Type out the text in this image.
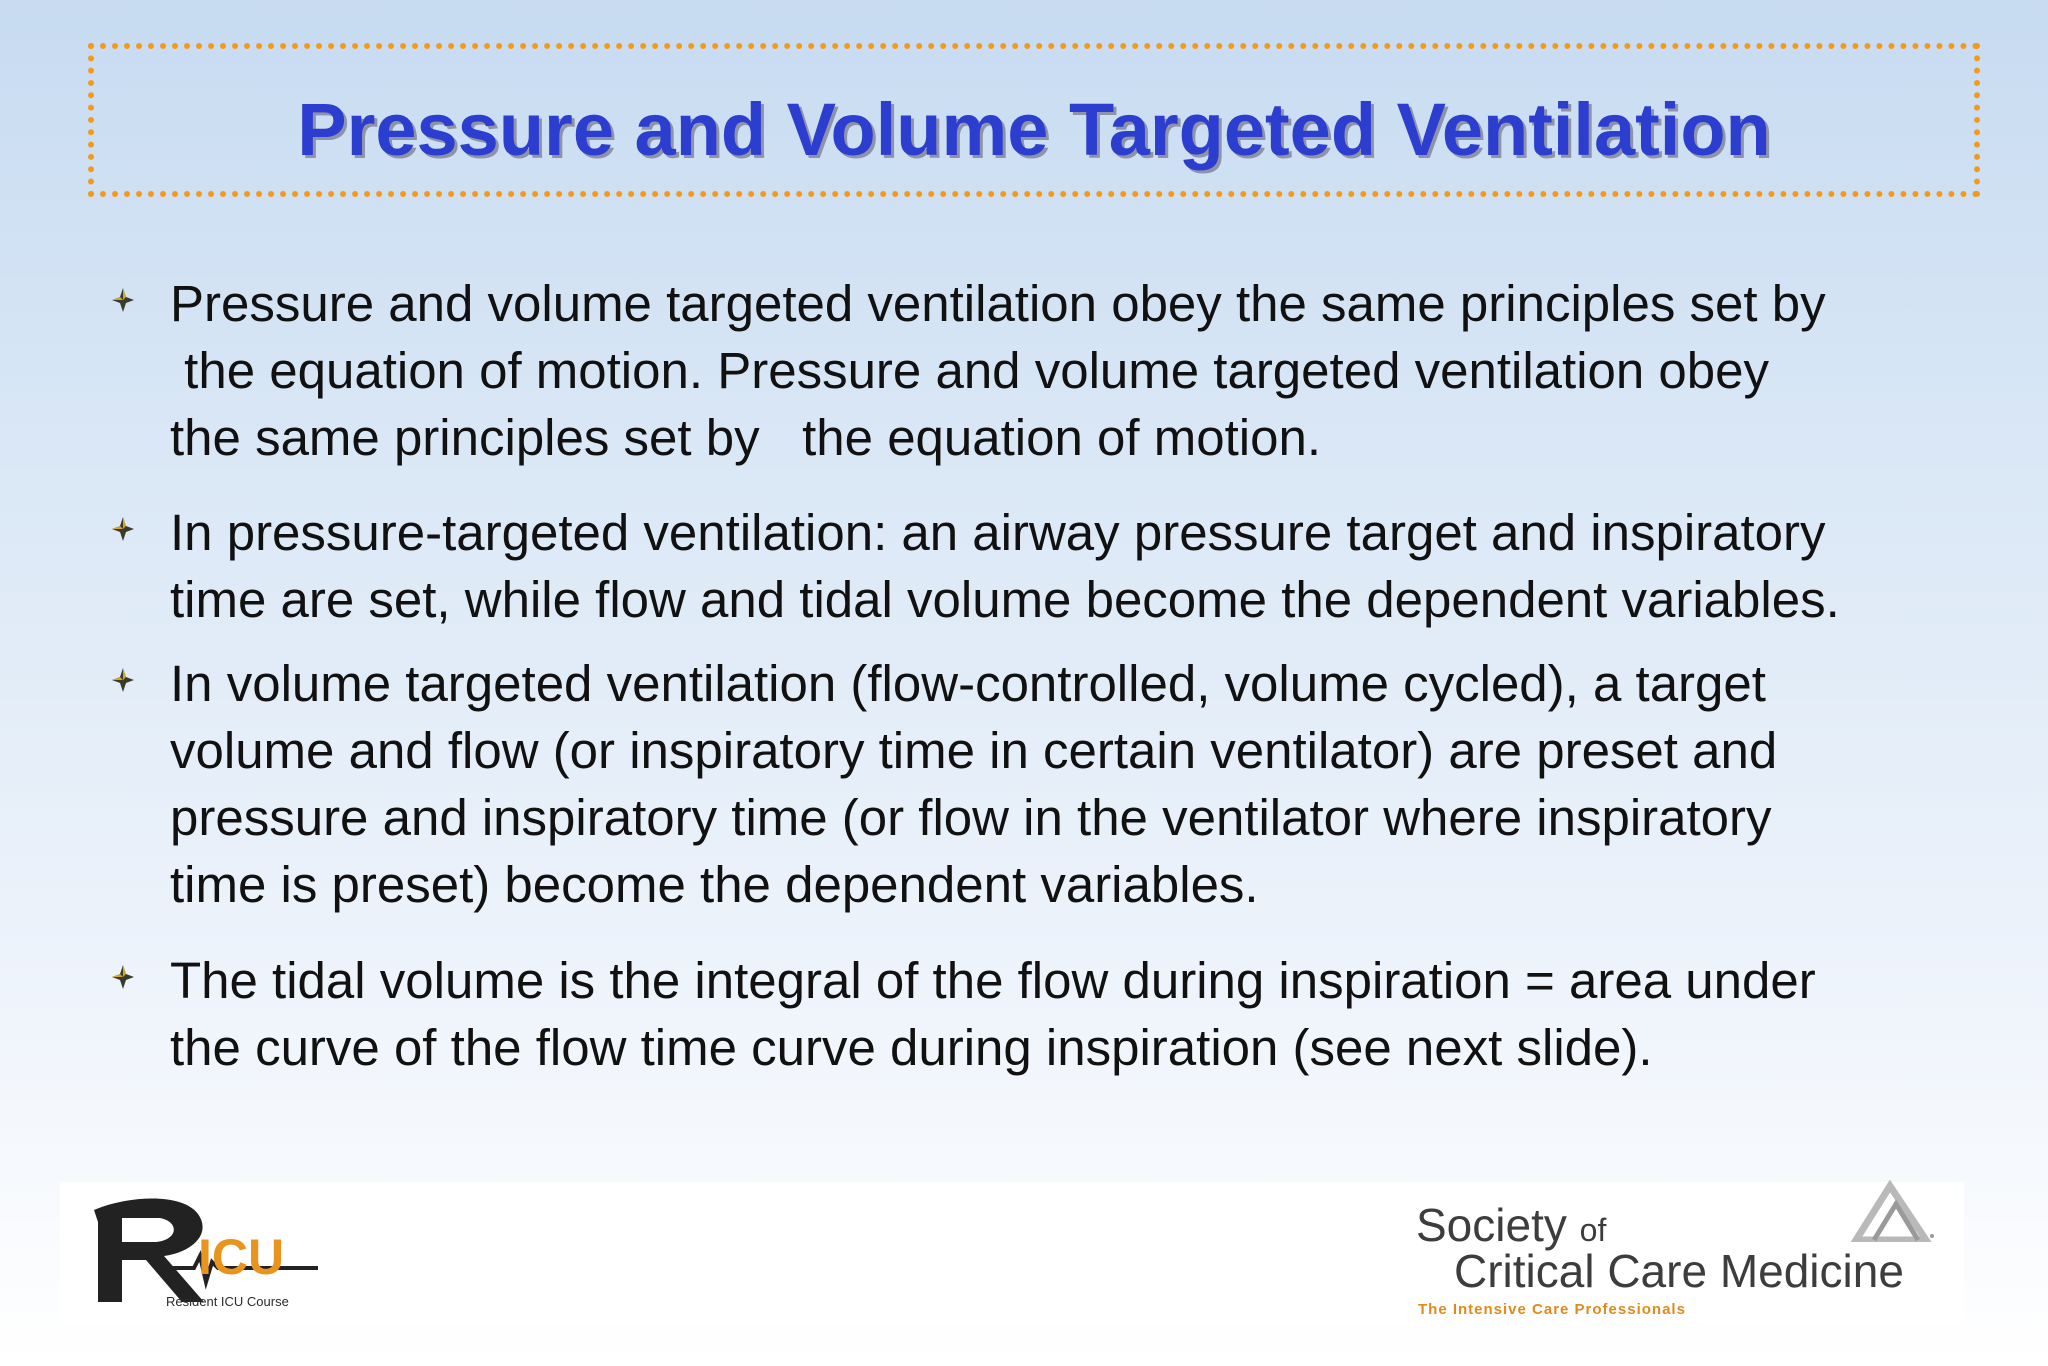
Pressure and Volume Targeted Ventilation
Pressure and volume targeted ventilation obey the same principles set by
the equation of motion. Pressure and volume targeted ventilation obey
the same principles set by   the equation of motion.
In pressure-targeted ventilation: an airway pressure target and inspiratory
time are set, while flow and tidal volume become the dependent variables.
In volume targeted ventilation (flow-controlled, volume cycled), a target
volume and flow (or inspiratory time in certain ventilator) are preset and
pressure and inspiratory time (or flow in the ventilator where inspiratory
time is preset) become the dependent variables.
The tidal volume is the integral of the flow during inspiration = area under
the curve of the flow time curve during inspiration (see next slide).
ICU
Resident ICU Course
Society of
Critical Care Medicine
The Intensive Care Professionals
